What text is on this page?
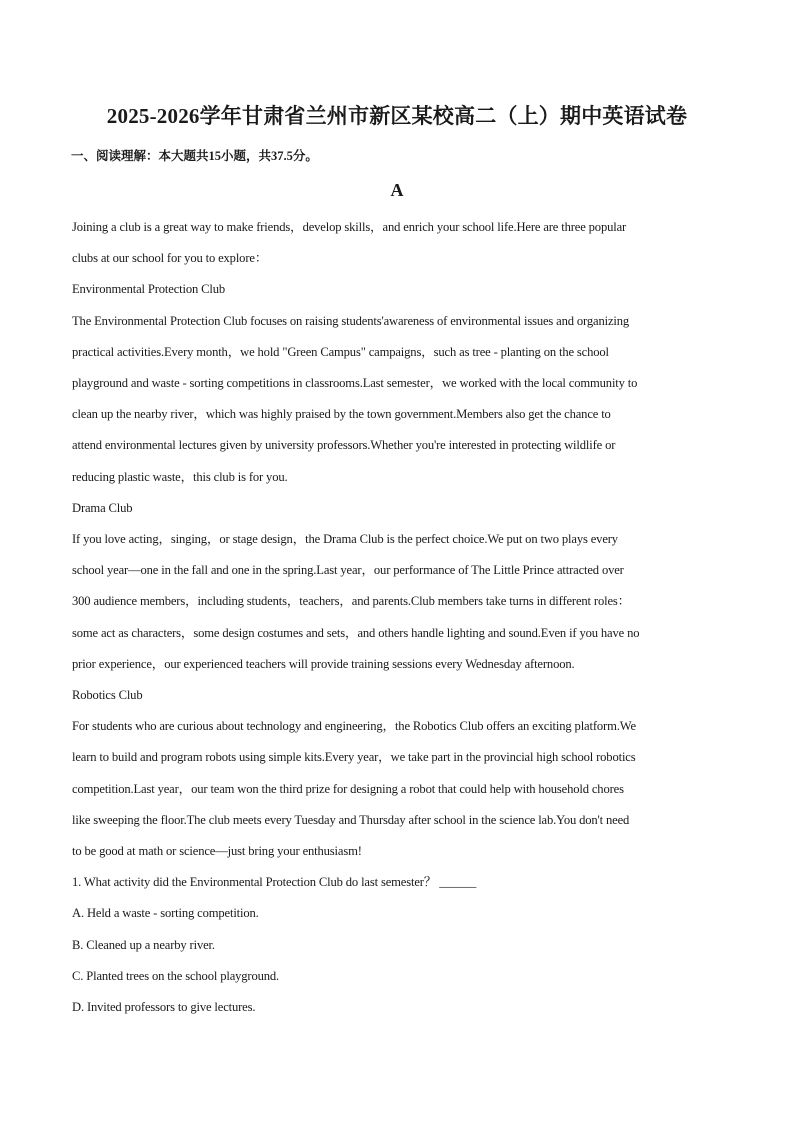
2025-2026学年甘肃省兰州市新区某校高二（上）期中英语试卷
一、阅读理解：本大题共15小题，共37.5分。
A
Joining a club is a great way to make friends，develop skills，and enrich your school life.Here are three popular
clubs at our school for you to explore：
Environmental Protection Club
The Environmental Protection Club focuses on raising students'awareness of environmental issues and organizing
practical activities.Every month，we hold "Green Campus" campaigns，such as tree - planting on the school
playground and waste - sorting competitions in classrooms.Last semester，we worked with the local community to
clean up the nearby river，which was highly praised by the town government.Members also get the chance to
attend environmental lectures given by university professors.Whether you're interested in protecting wildlife or
reducing plastic waste，this club is for you.
Drama Club
If you love acting，singing，or stage design，the Drama Club is the perfect choice.We put on two plays every
school year—one in the fall and one in the spring.Last year，our performance of The Little Prince attracted over
300 audience members，including students，teachers，and parents.Club members take turns in different roles：
some act as characters，some design costumes and sets，and others handle lighting and sound.Even if you have no
prior experience，our experienced teachers will provide training sessions every Wednesday afternoon.
Robotics Club
For students who are curious about technology and engineering，the Robotics Club offers an exciting platform.We
learn to build and program robots using simple kits.Every year，we take part in the provincial high school robotics
competition.Last year，our team won the third prize for designing a robot that could help with household chores
like sweeping the floor.The club meets every Tuesday and Thursday after school in the science lab.You don't need
to be good at math or science—just bring your enthusiasm!
1. What activity did the Environmental Protection Club do last semester？ ______
A. Held a waste - sorting competition.
B. Cleaned up a nearby river.
C. Planted trees on the school playground.
D. Invited professors to give lectures.
